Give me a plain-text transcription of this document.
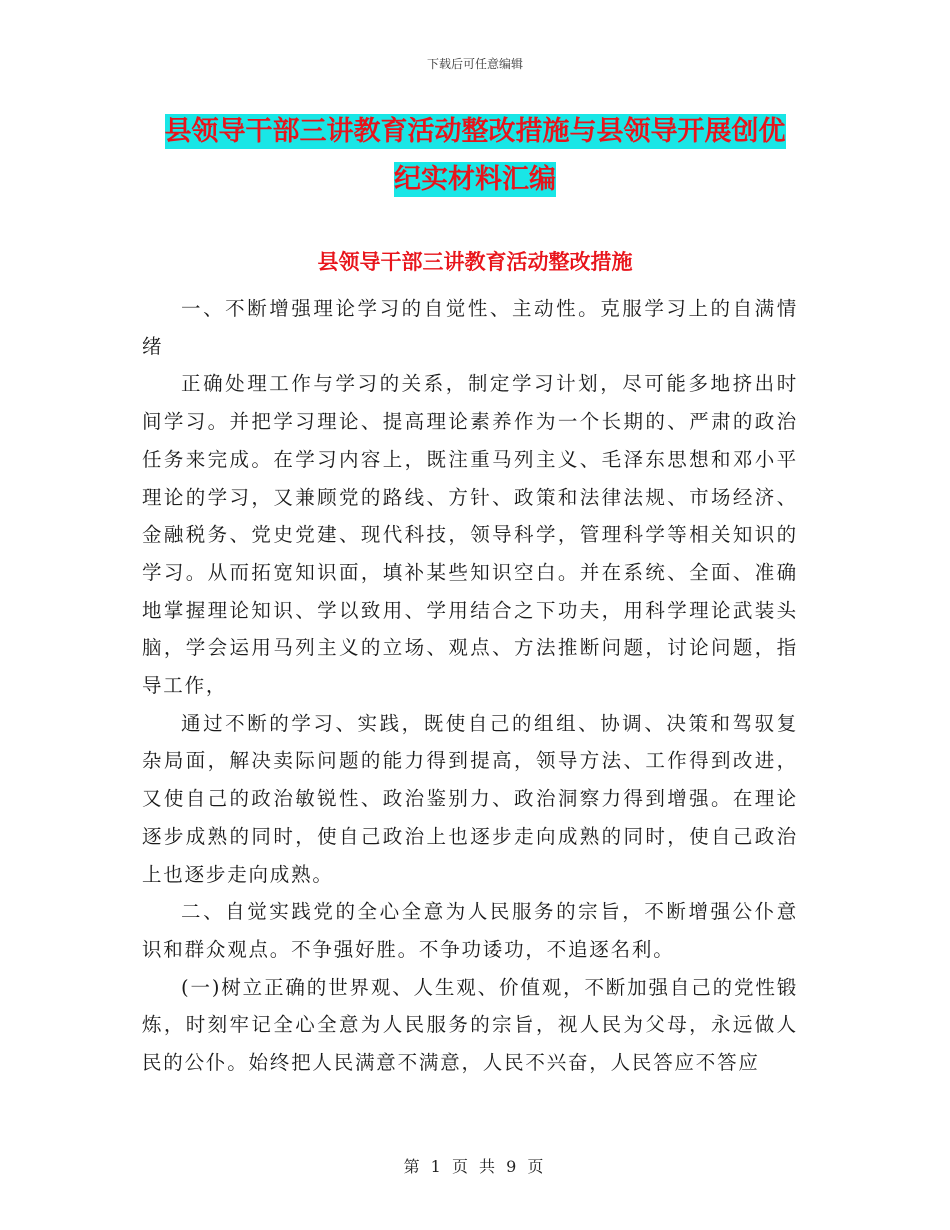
下载后可任意编辑
县领导干部三讲教育活动整改措施与县领导开展创优
纪实材料汇编
县领导干部三讲教育活动整改措施

一、不断增强理论学习的自觉性、主动性。克服学习上的自满情绪

正确处理工作与学习的关系，制定学习计划，尽可能多地挤出时间学习。并把学习理论、提高理论素养作为一个长期的、严肃的政治任务来完成。在学习内容上，既注重马列主义、毛泽东思想和邓小平理论的学习，又兼顾党的路线、方针、政策和法律法规、市场经济、金融税务、党史党建、现代科技，领导科学，管理科学等相关知识的学习。从而拓宽知识面，填补某些知识空白。并在系统、全面、准确地掌握理论知识、学以致用、学用结合之下功夫，用科学理论武装头脑，学会运用马列主义的立场、观点、方法推断问题，讨论问题，指导工作，

通过不断的学习、实践，既使自己的组组、协调、决策和驾驭复杂局面，解决卖际问题的能力得到提高，领导方法、工作得到改进，又使自己的政治敏锐性、政治鉴别力、政治洞察力得到增强。在理论逐步成熟的同时，使自己政治上也逐步走向成熟的同时，使自己政治上也逐步走向成熟。

二、自觉实践党的全心全意为人民服务的宗旨，不断增强公仆意识和群众观点。不争强好胜。不争功诿功，不追逐名利。

(一)树立正确的世界观、人生观、价值观，不断加强自己的党性锻炼，时刻牢记全心全意为人民服务的宗旨，视人民为父母，永远做人民的公仆。始终把人民满意不满意，人民不兴奋，人民答应不答应

第 1 页 共 9 页
